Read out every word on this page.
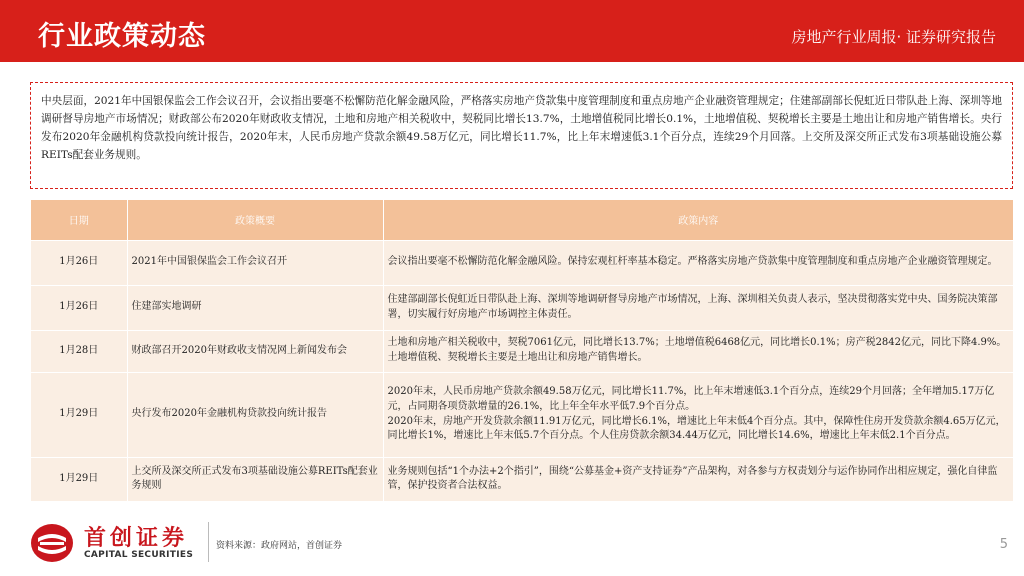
行业政策动态	房地产行业周报· 证券研究报告
中央层面，2021年中国银保监会工作会议召开，会议指出要毫不松懈防范化解金融风险，严格落实房地产贷款集中度管理制度和重点房地产企业融资管理规定；住建部副部长倪虹近日带队赴上海、深圳等地调研督导房地产市场情况；财政部公布2020年财政收支情况，土地和房地产相关税收中，契税同比增长13.7%，土地增值税同比增长0.1%，土地增值税、契税增长主要是土地出让和房地产销售增长。央行发布2020年金融机构贷款投向统计报告，2020年末，人民币房地产贷款余额49.58万亿元，同比增长11.7%，比上年末增速低3.1个百分点，连续29个月回落。上交所及深交所正式发布3项基础设施公募REITs配套业务规则。
日期	政策概要	政策内容
1月26日	2021年中国银保监会工作会议召开	会议指出要毫不松懈防范化解金融风险。保持宏观杠杆率基本稳定。严格落实房地产贷款集中度管理制度和重点房地产企业融资管理规定。
1月26日	住建部实地调研	住建部副部长倪虹近日带队赴上海、深圳等地调研督导房地产市场情况，上海、深圳相关负责人表示，坚决贯彻落实党中央、国务院决策部署，切实履行好房地产市场调控主体责任。
1月28日	财政部召开2020年财政收支情况网上新闻发布会	土地和房地产相关税收中，契税7061亿元，同比增长13.7%；土地增值税6468亿元，同比增长0.1%；房产税2842亿元，同比下降4.9%。土地增值税、契税增长主要是土地出让和房地产销售增长。
1月29日	央行发布2020年金融机构贷款投向统计报告	2020年末，人民币房地产贷款余额49.58万亿元，同比增长11.7%，比上年末增速低3.1个百分点，连续29个月回落；全年增加5.17万亿元，占同期各项贷款增量的26.1%，比上年全年水平低7.9个百分点。
2020年末，房地产开发贷款余额11.91万亿元，同比增长6.1%，增速比上年末低4个百分点。其中，保障性住房开发贷款余额4.65万亿元，同比增长1%，增速比上年末低5.7个百分点。个人住房贷款余额34.44万亿元，同比增长14.6%，增速比上年末低2.1个百分点。

1月29日	上交所及深交所正式发布3项基础设施公募REITs配套业务规则	业务规则包括“1个办法+2个指引”，围绕“公募基金+资产支持证券”产品架构，对各参与方权责划分与运作协同作出相应规定，强化自律监管，保护投资者合法权益。
首创证券
CAPITAL SECURITIES
资料来源：政府网站，首创证券	5
